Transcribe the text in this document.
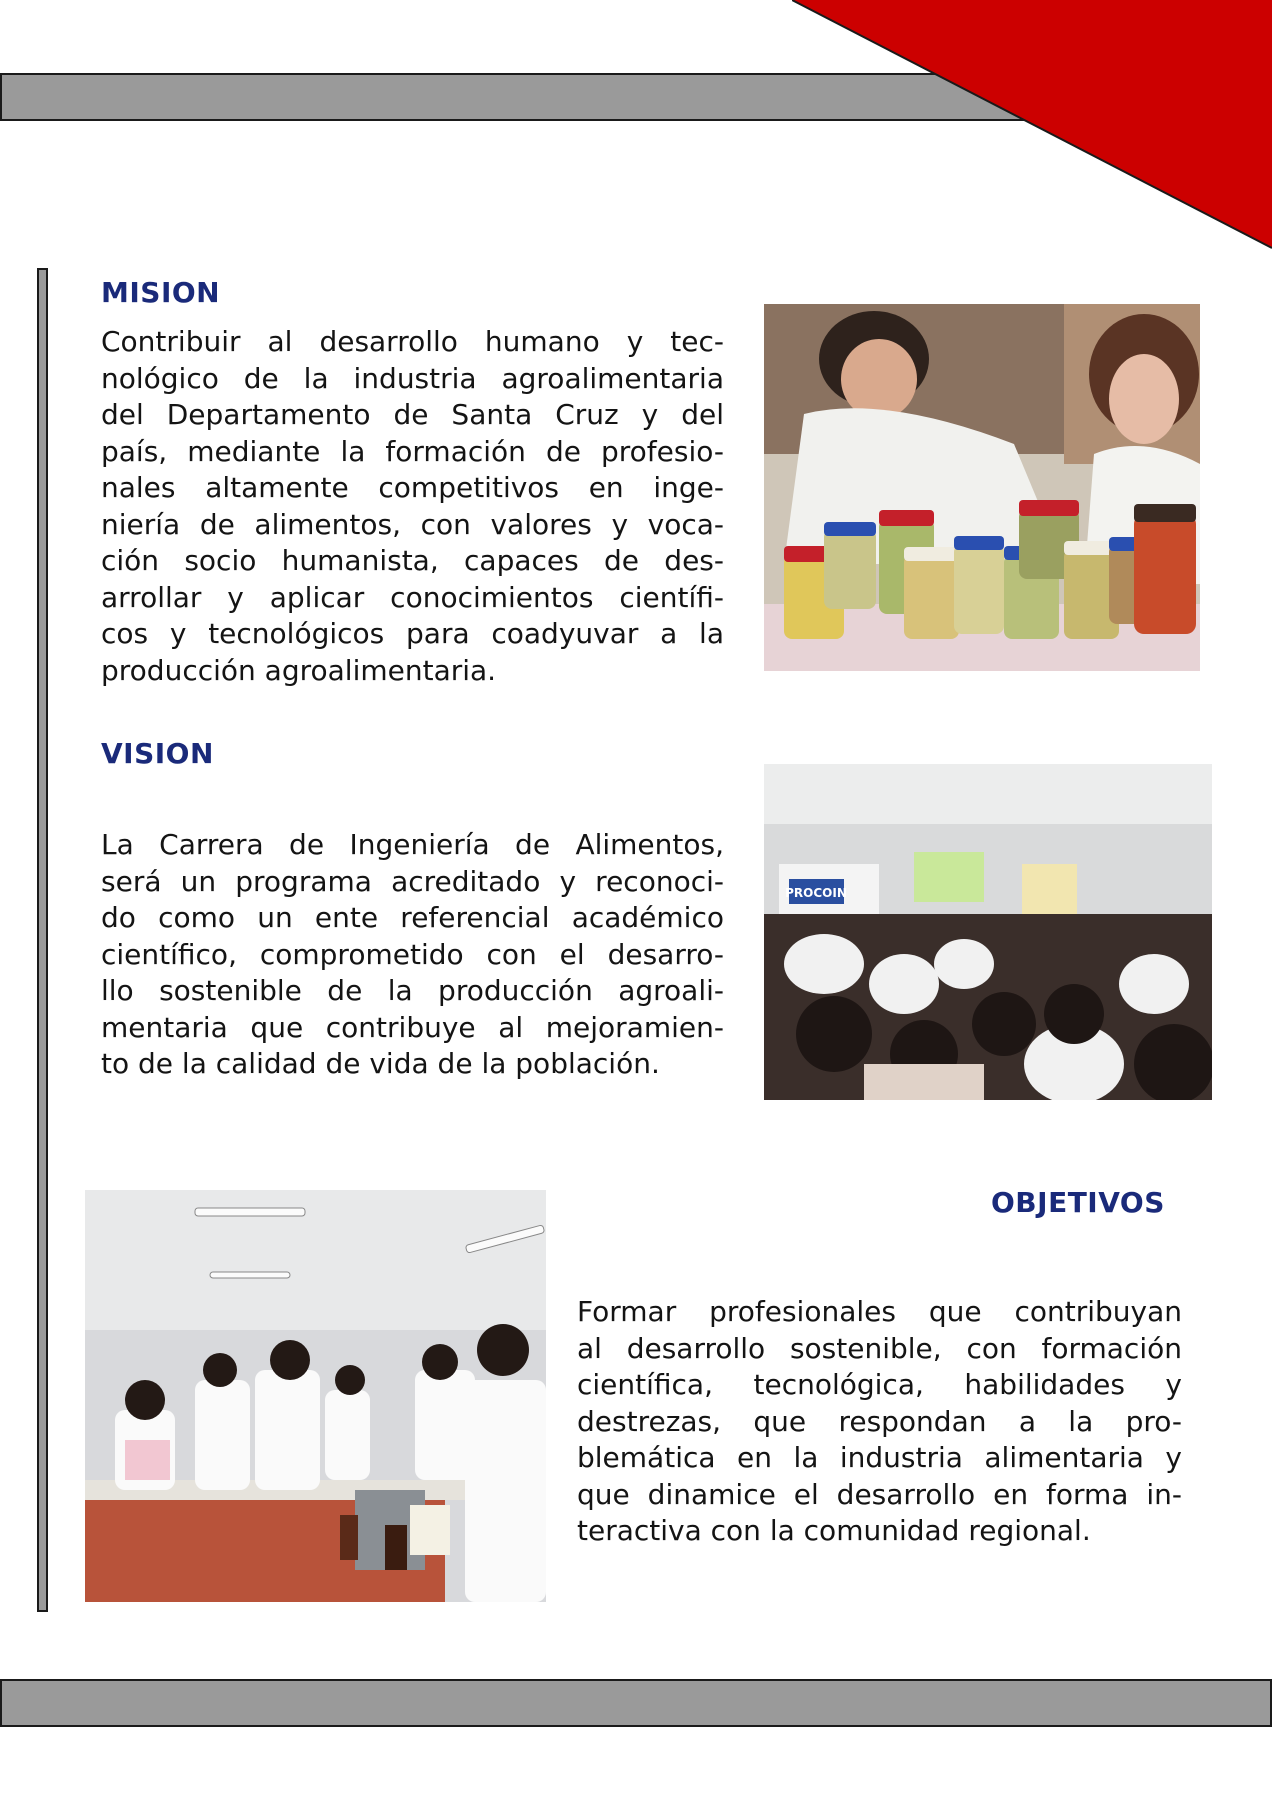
MISION
Contribuir al desarrollo humano y tec-
nológico de la industria agroalimentaria
del Departamento de Santa Cruz y del
país, mediante la formación de profesio-
nales altamente competitivos en inge-
niería de alimentos, con valores y voca-
ción socio humanista, capaces de des-
arrollar y aplicar conocimientos científi-
cos y tecnológicos para coadyuvar a la
producción agroalimentaria.
VISION
La Carrera de Ingeniería de Alimentos,
será un programa acreditado y reconoci-
do como un ente referencial académico
científico, comprometido con el desarro-
llo sostenible de la producción agroali-
mentaria que contribuye al mejoramien-
to de la calidad de vida de la población.
PROCOIN
OBJETIVOS
Formar profesionales que contribuyan
al desarrollo sostenible, con formación
científica, tecnológica, habilidades y
destrezas, que respondan a la pro-
blemática en la industria alimentaria y
que dinamice el desarrollo en forma in-
teractiva con la comunidad regional.
